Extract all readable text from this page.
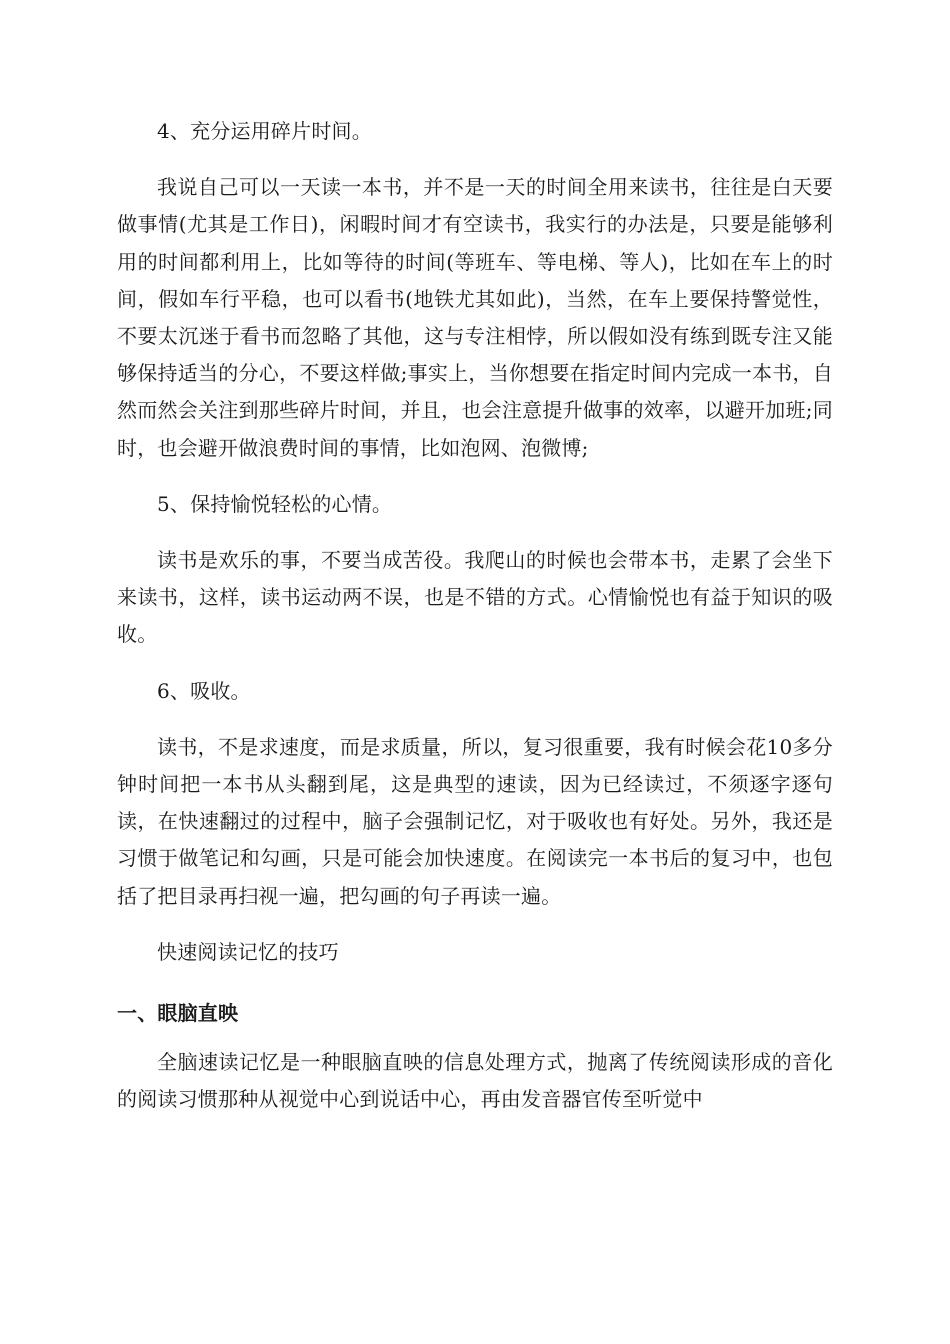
4、充分运用碎片时间。

我说自己可以一天读一本书，并不是一天的时间全用来读书，往往是白天要做事情(尤其是工作日)，闲暇时间才有空读书，我实行的办法是，只要是能够利用的时间都利用上，比如等待的时间(等班车、等电梯、等人)，比如在车上的时间，假如车行平稳，也可以看书(地铁尤其如此)，当然，在车上要保持警觉性，不要太沉迷于看书而忽略了其他，这与专注相悖，所以假如没有练到既专注又能够保持适当的分心，不要这样做;事实上，当你想要在指定时间内完成一本书，自然而然会关注到那些碎片时间，并且，也会注意提升做事的效率，以避开加班;同时，也会避开做浪费时间的事情，比如泡网、泡微博;

5、保持愉悦轻松的心情。

读书是欢乐的事，不要当成苦役。我爬山的时候也会带本书，走累了会坐下来读书，这样，读书运动两不误，也是不错的方式。心情愉悦也有益于知识的吸收。

6、吸收。

读书，不是求速度，而是求质量，所以，复习很重要，我有时候会花10多分钟时间把一本书从头翻到尾，这是典型的速读，因为已经读过，不须逐字逐句读，在快速翻过的过程中，脑子会强制记忆，对于吸收也有好处。另外，我还是习惯于做笔记和勾画，只是可能会加快速度。在阅读完一本书后的复习中，也包括了把目录再扫视一遍，把勾画的句子再读一遍。

快速阅读记忆的技巧

一、眼脑直映

全脑速读记忆是一种眼脑直映的信息处理方式，抛离了传统阅读形成的音化的阅读习惯那种从视觉中心到说话中心，再由发音器官传至听觉中
